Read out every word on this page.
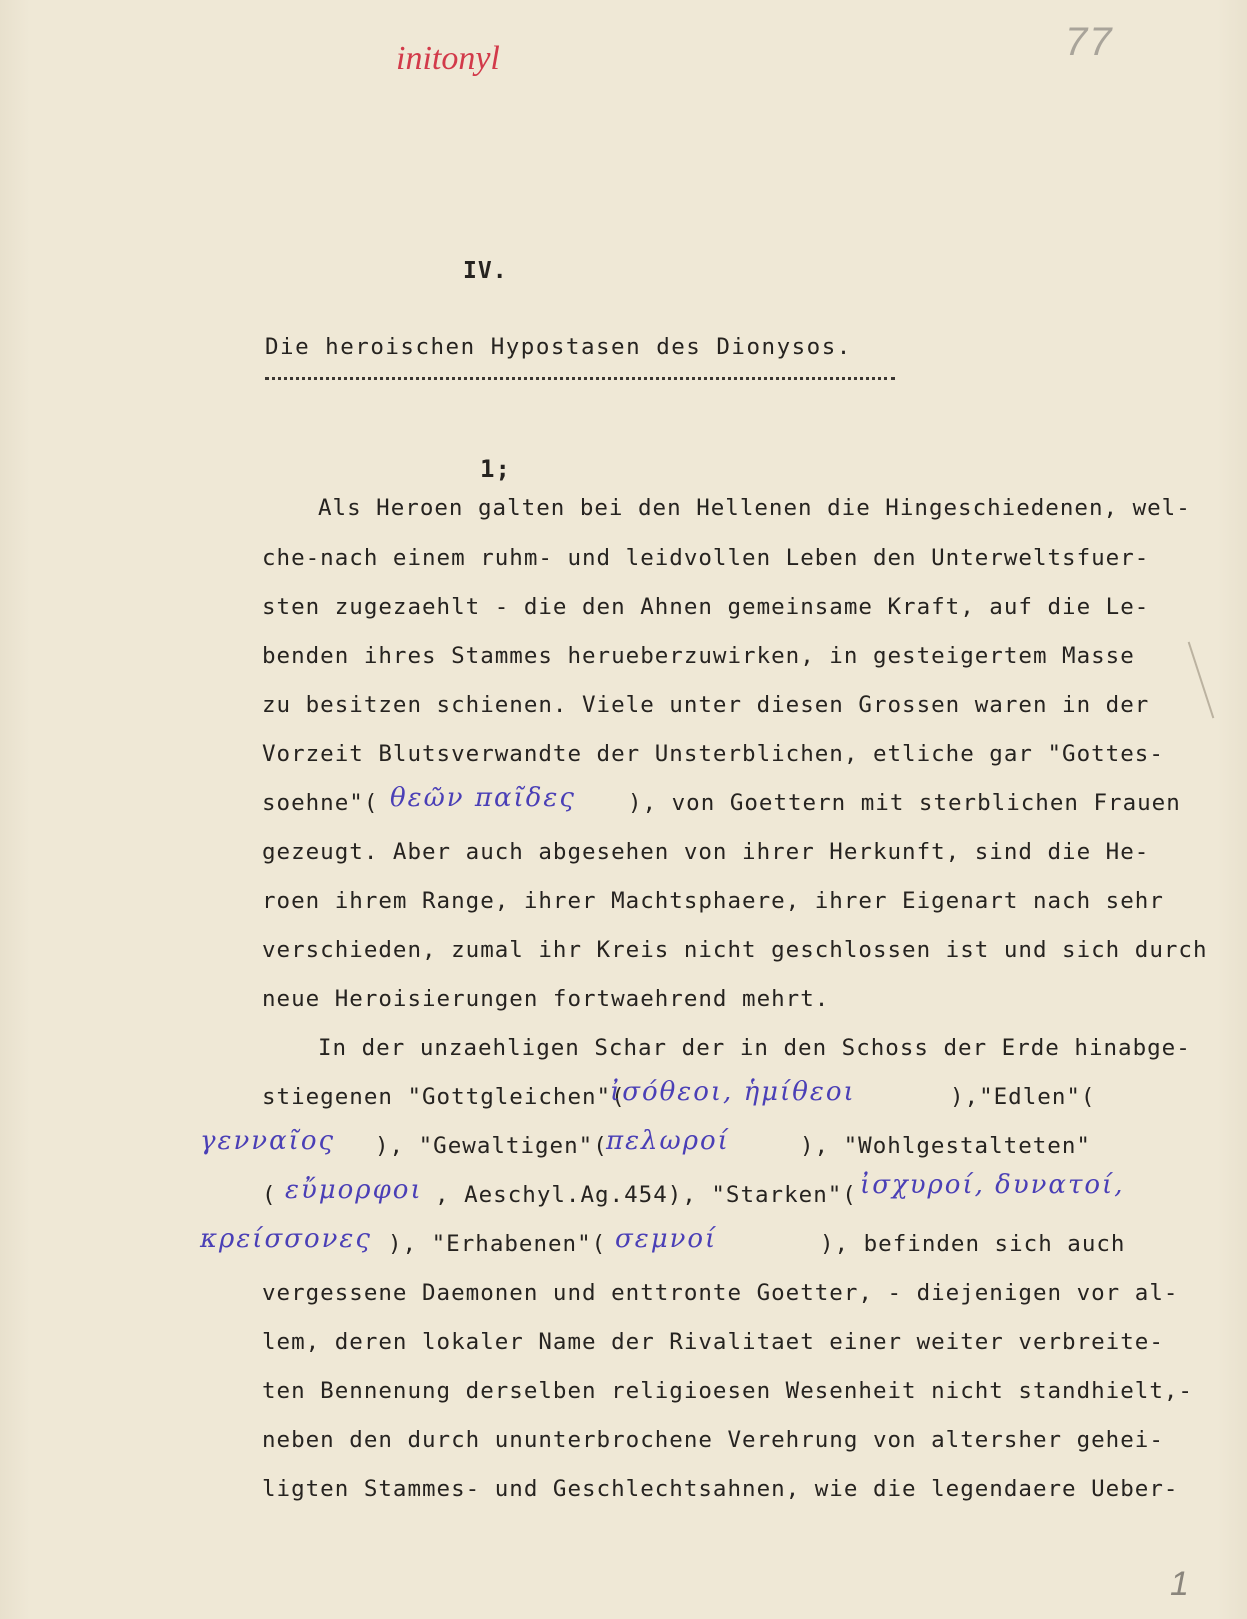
77
initonyl
IV.
Die heroischen Hypostasen des Dionysos.
1;
Als Heroen galten bei den Hellenen die Hingeschiedenen, wel-
che-nach einem ruhm- und leidvollen Leben den Unterweltsfuer-
sten zugezaehlt - die den Ahnen gemeinsame Kraft, auf die Le-
benden ihres Stammes herueberzuwirken, in gesteigertem Masse
zu besitzen schienen. Viele unter diesen Grossen waren in der
Vorzeit Blutsverwandte der Unsterblichen, etliche gar "Gottes-
soehne"( θεῶν παῖδες ), von Goettern mit sterblichen Frauen
gezeugt. Aber auch abgesehen von ihrer Herkunft, sind die He-
roen ihrem Range, ihrer Machtsphaere, ihrer Eigenart nach sehr
verschieden, zumal ihr Kreis nicht geschlossen ist und sich durch
neue Heroisierungen fortwaehrend mehrt.
In der unzaehligen Schar der in den Schoss der Erde hinabge-
stiegenen "Gottgleichen"(
ἰσόθεοι, ἡμίθεοι	),"Edlen"(
γενναῖος ), "Gewaltigen"(
πελωροί	), "Wohlgestalteten"
( εὔμορφοι , Aeschyl.Ag.454), "Starken"( ἰσχυροί, δυνατοί,
κρείσσονες ), "Erhabenen"( σεμνοί	), befinden sich auch
vergessene Daemonen und enttronte Goetter, - diejenigen vor al-
lem, deren lokaler Name der Rivalitaet einer weiter verbreite-
ten Bennenung derselben religioesen Wesenheit nicht standhielt,-
neben den durch ununterbrochene Verehrung von altersher gehei-
ligten Stammes- und Geschlechtsahnen, wie die legendaere Ueber-
1
